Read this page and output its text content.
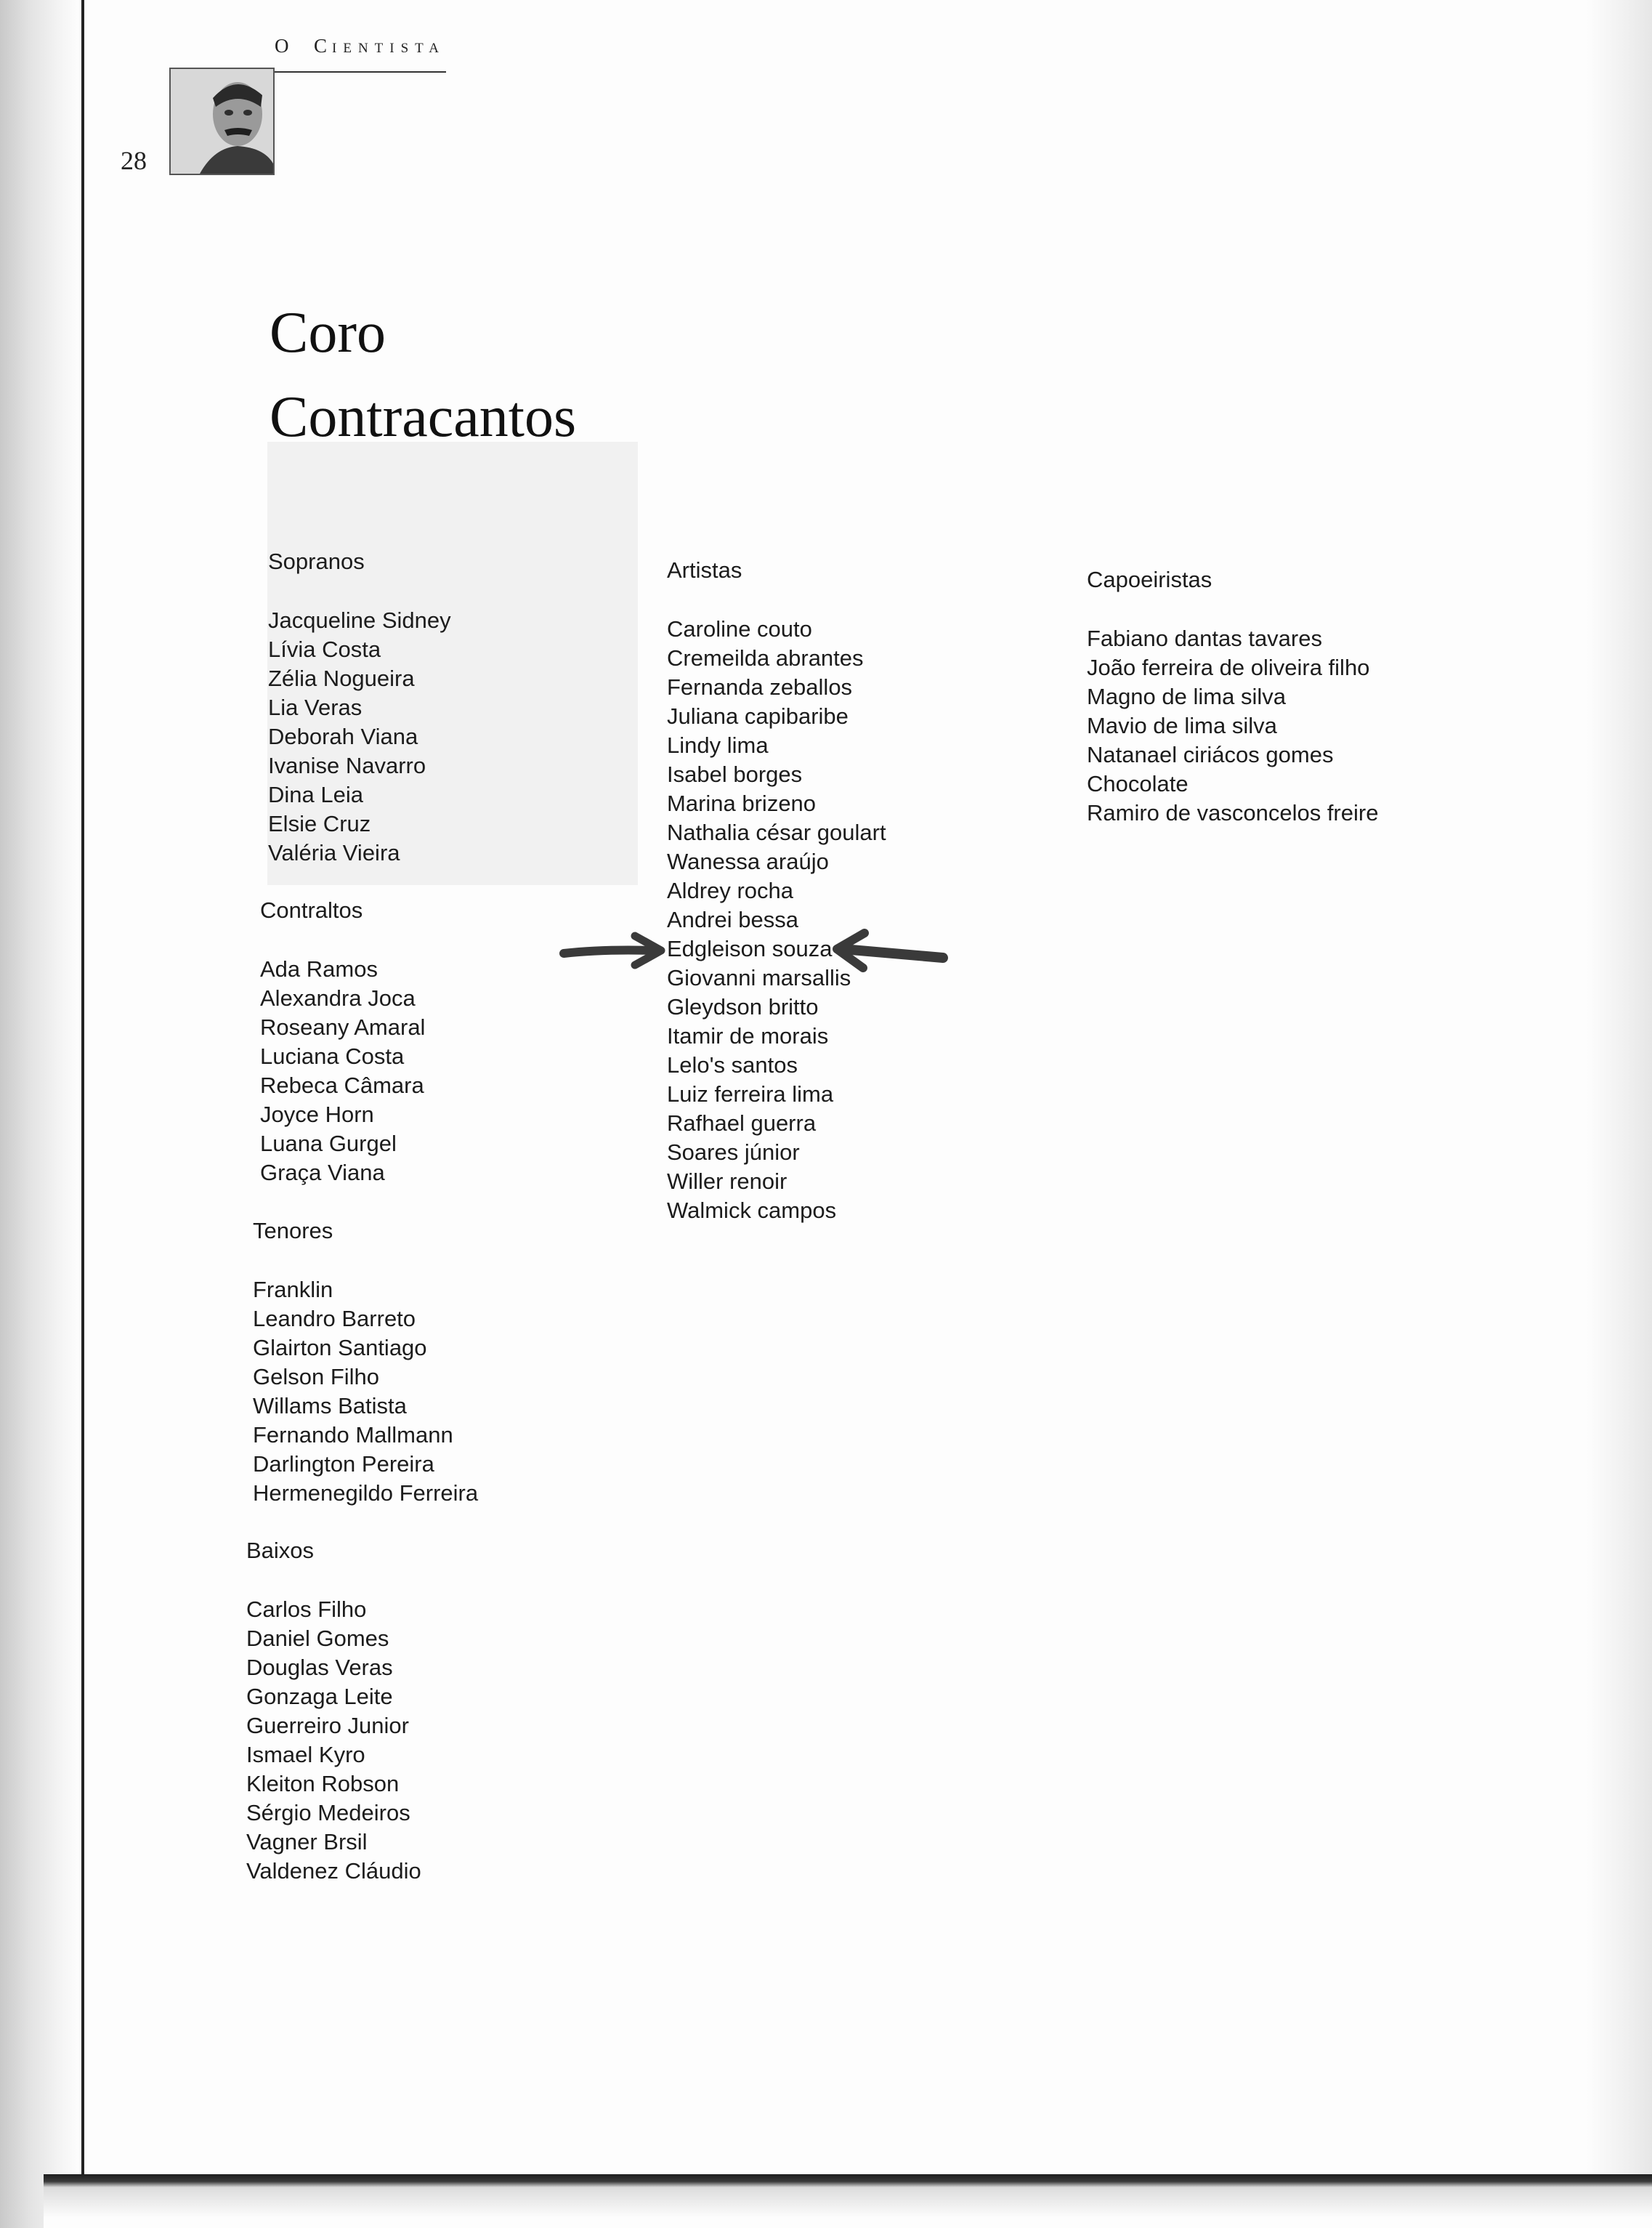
O CIENTISTA
28
Coro
Contracantos
Sopranos
Jacqueline Sidney
Lívia Costa
Zélia Nogueira
Lia Veras
Deborah Viana
Ivanise Navarro
Dina Leia
Elsie Cruz
Valéria Vieira
Contraltos
Ada Ramos
Alexandra Joca
Roseany Amaral
Luciana Costa
Rebeca Câmara
Joyce Horn
Luana Gurgel
Graça Viana
Tenores
Franklin
Leandro Barreto
Glairton Santiago
Gelson Filho
Willams Batista
Fernando Mallmann
Darlington Pereira
Hermenegildo Ferreira
Baixos
Carlos Filho
Daniel Gomes
Douglas Veras
Gonzaga Leite
Guerreiro Junior
Ismael Kyro
Kleiton Robson
Sérgio Medeiros
Vagner Brsil
Valdenez Cláudio
Artistas
Caroline couto
Cremeilda abrantes
Fernanda zeballos
Juliana capibaribe
Lindy lima
Isabel borges
Marina brizeno
Nathalia césar goulart
Wanessa araújo
Aldrey rocha
Andrei bessa
Edgleison souza
Giovanni marsallis
Gleydson britto
Itamir de morais
Lelo's santos
Luiz ferreira lima
Rafhael guerra
Soares júnior
Willer renoir
Walmick campos
Capoeiristas
Fabiano dantas tavares
João ferreira de oliveira filho
Magno de lima silva
Mavio de lima silva
Natanael ciriácos gomes
Chocolate
Ramiro de vasconcelos freire
